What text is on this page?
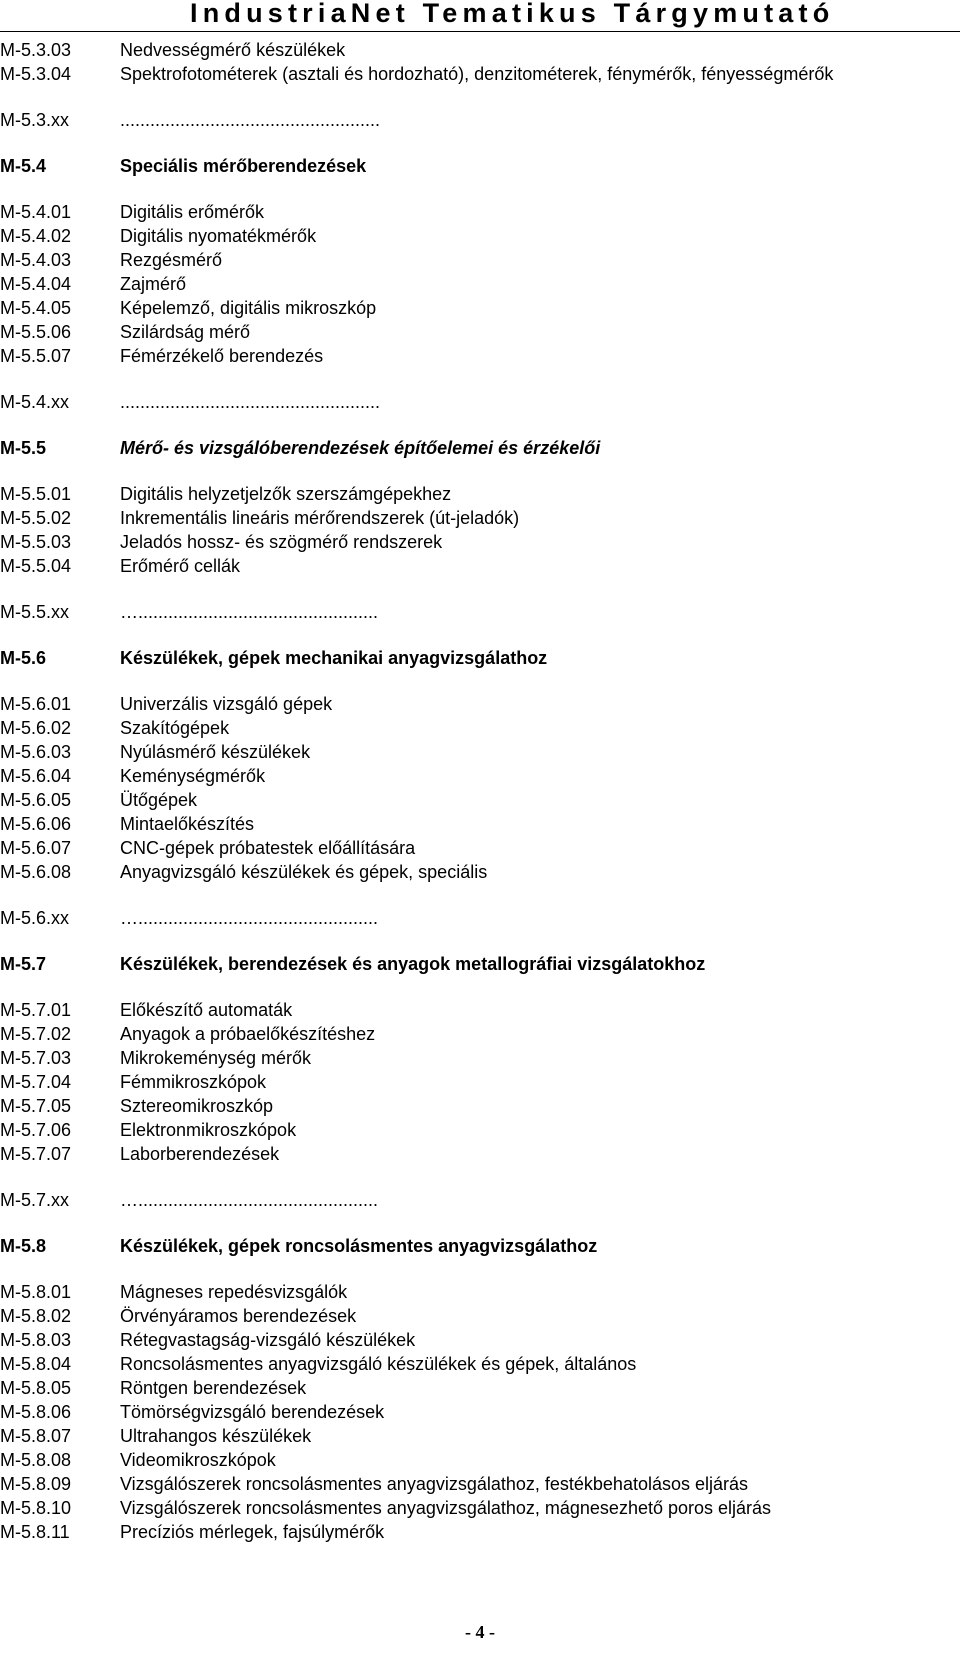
IndustriaNet Tematikus Tárgymutató
M-5.3.03	Nedvességmérő készülékek
M-5.3.04	Spektrofotométerek (asztali és hordozható), denzitométerek, fénymérők, fényességmérők
M-5.3.xx	....................................................
M-5.4	Speciális mérőberendezések
M-5.4.01	Digitális erőmérők
M-5.4.02	Digitális nyomatékmérők
M-5.4.03	Rezgésmérő
M-5.4.04	Zajmérő
M-5.4.05	Képelemző, digitális mikroszkóp
M-5.5.06	Szilárdság mérő
M-5.5.07	Fémérzékelő berendezés
M-5.4.xx	....................................................
M-5.5	Mérő- és vizsgálóberendezések építőelemei és érzékelői
M-5.5.01	Digitális helyzetjelzők szerszámgépekhez
M-5.5.02	Inkrementális lineáris mérőrendszerek (út-jeladók)
M-5.5.03	Jeladós hossz- és szögmérő rendszerek
M-5.5.04	Erőmérő cellák
M-5.5.xx	…................................................
M-5.6	Készülékek, gépek mechanikai anyagvizsgálathoz
M-5.6.01	Univerzális vizsgáló gépek
M-5.6.02	Szakítógépek
M-5.6.03	Nyúlásmérő készülékek
M-5.6.04	Keménységmérők
M-5.6.05	Ütőgépek
M-5.6.06	Mintaelőkészítés
M-5.6.07	CNC-gépek próbatestek előállítására
M-5.6.08	Anyagvizsgáló készülékek és gépek, speciális
M-5.6.xx	…................................................
M-5.7	Készülékek, berendezések és anyagok metallográfiai vizsgálatokhoz
M-5.7.01	Előkészítő automaták
M-5.7.02	Anyagok a próbaelőkészítéshez
M-5.7.03	Mikrokeménység mérők
M-5.7.04	Fémmikroszkópok
M-5.7.05	Sztereomikroszkóp
M-5.7.06	Elektronmikroszkópok
M-5.7.07	Laborberendezések
M-5.7.xx	…................................................
M-5.8	Készülékek, gépek roncsolásmentes anyagvizsgálathoz
M-5.8.01	Mágneses repedésvizsgálók
M-5.8.02	Örvényáramos berendezések
M-5.8.03	Rétegvastagság-vizsgáló készülékek
M-5.8.04	Roncsolásmentes anyagvizsgáló készülékek és gépek, általános
M-5.8.05	Röntgen berendezések
M-5.8.06	Tömörségvizsgáló berendezések
M-5.8.07	Ultrahangos készülékek
M-5.8.08	Videomikroszkópok
M-5.8.09	Vizsgálószerek roncsolásmentes anyagvizsgálathoz, festékbehatolásos eljárás
M-5.8.10	Vizsgálószerek roncsolásmentes anyagvizsgálathoz, mágnesezhető poros eljárás
M-5.8.11	Precíziós mérlegek, fajsúlymérők
- 4 -
